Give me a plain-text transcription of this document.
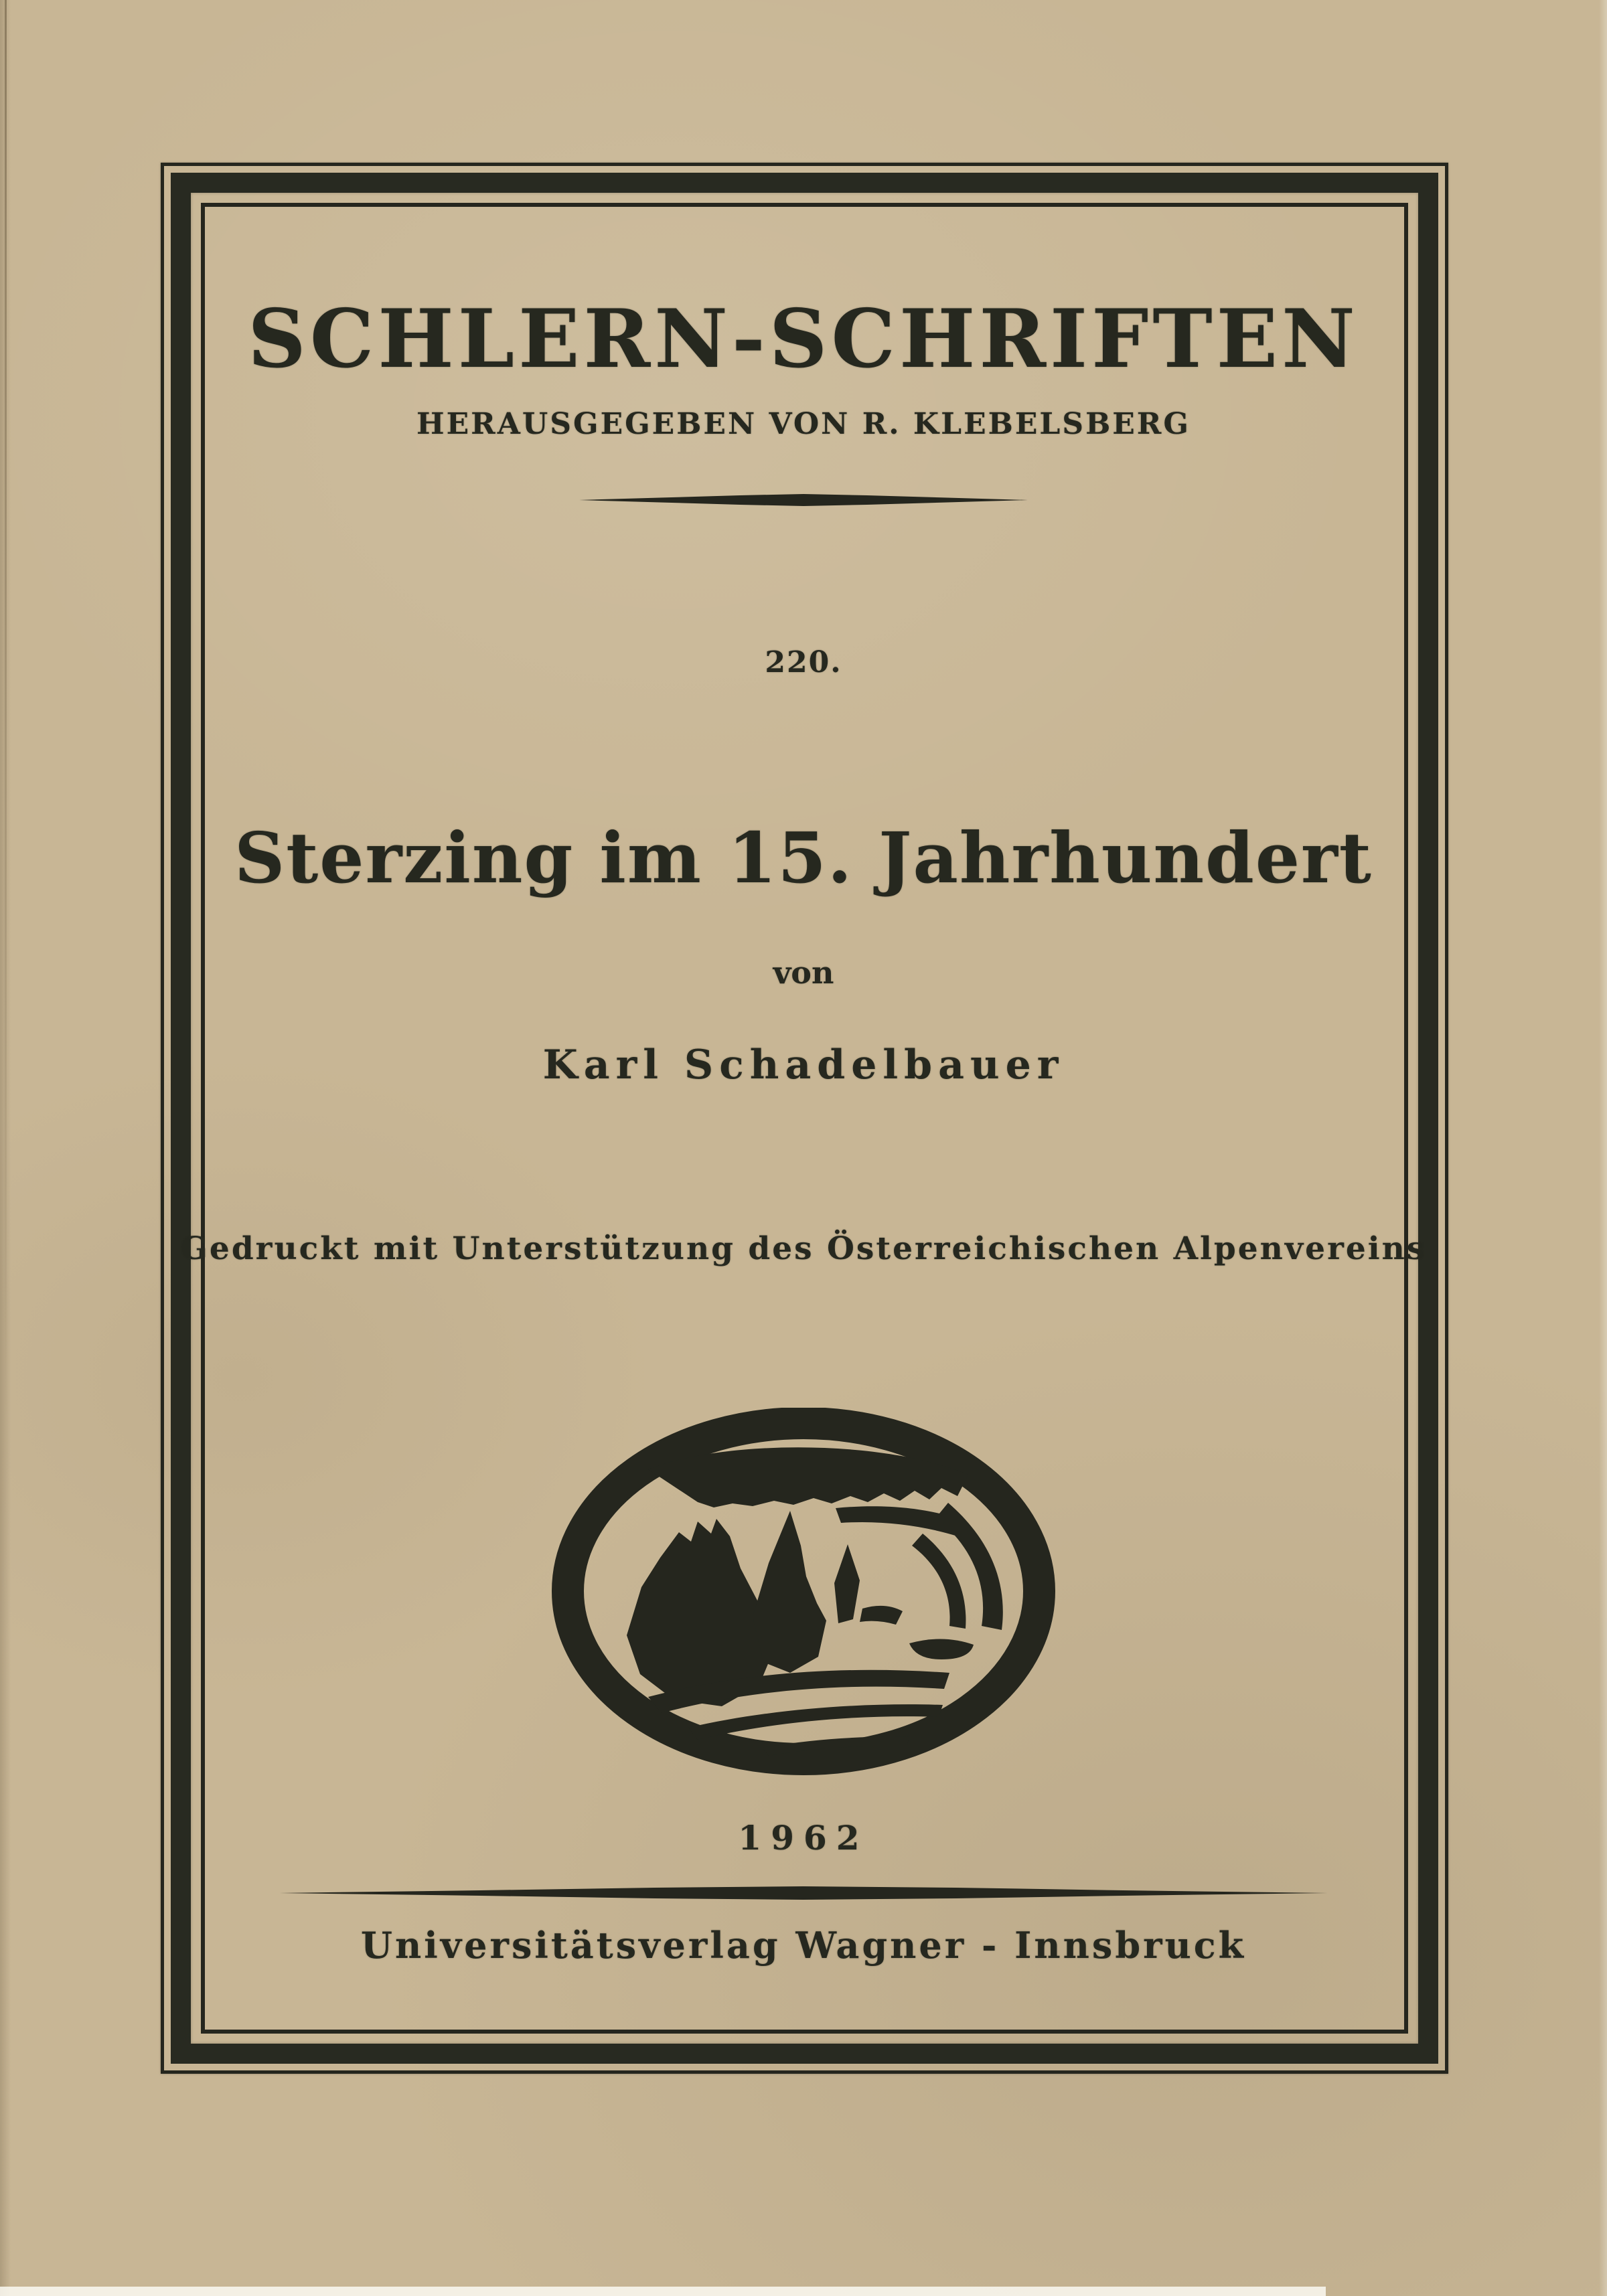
SCHLERN-SCHRIFTEN
HERAUSGEGEBEN VON R. KLEBELSBERG
220.
Sterzing im 15. Jahrhundert
von
Karl Schadelbauer
Gedruckt mit Unterstützung des Österreichischen Alpenvereins
1962
Universitätsverlag Wagner - Innsbruck
